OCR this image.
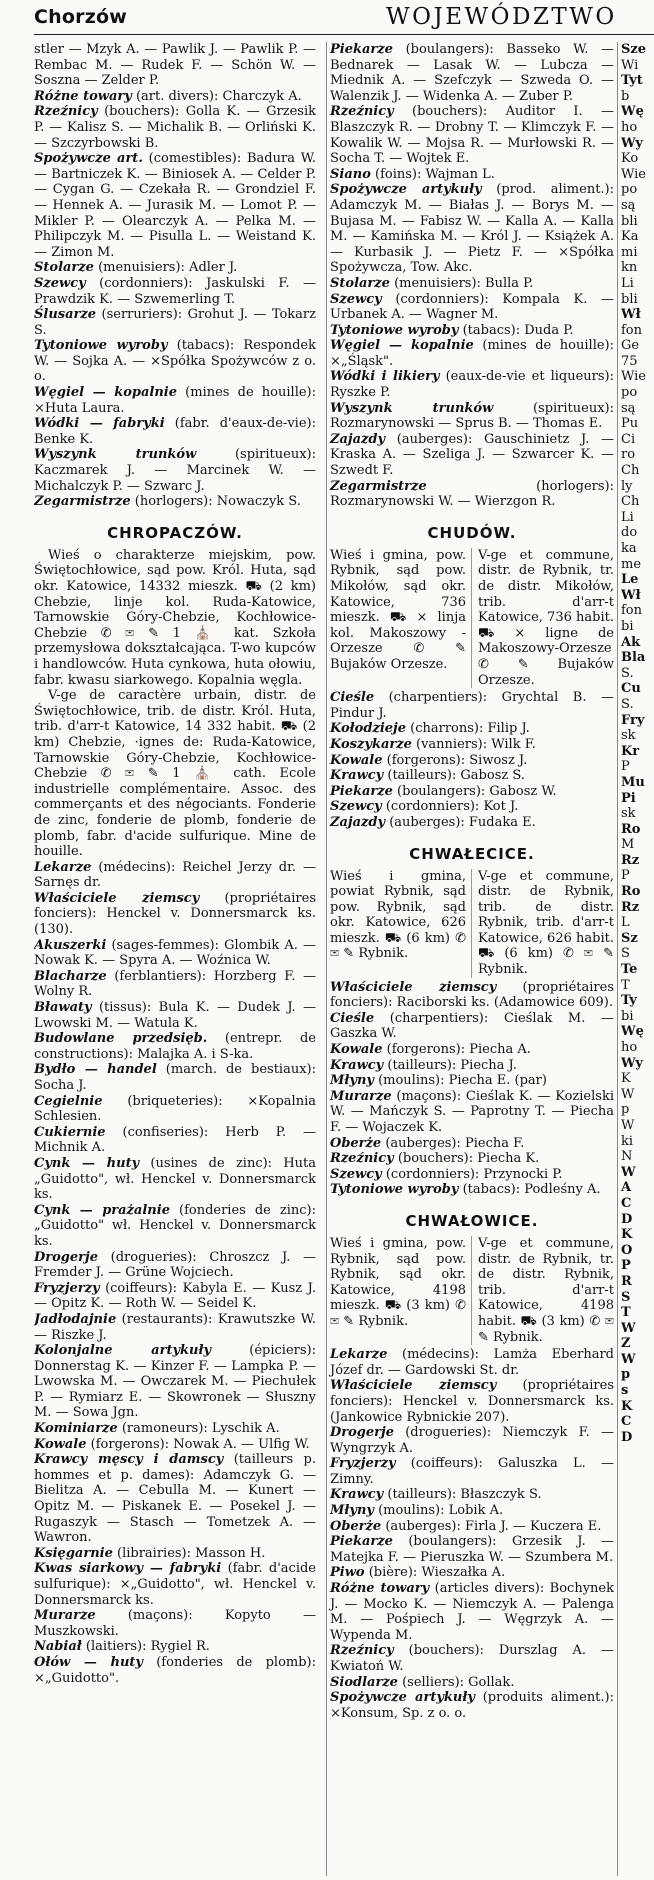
Chorzów	WOJEWÓDZTWO

stler — Mzyk A. — Pawlik J. — Pawlik P. — Rembac M. — Rudek F. — Schön W. — Soszna — Zelder P.

Różne towary (art. divers): Charczyk A.

Rzeźnicy (bouchers): Golla K. — Grzesik P. — Kalisz S. — Michalik B. — Orliński K. — Szczyrbowski B.

Spożywcze art. (comestibles): Badura W. — Bartniczek K. — Biniosek A. — Celder P. — Cygan G. — Czekała R. — Grondziel F. — Hennek A. — Jurasik M. — Lomot P. — Mikler P. — Olearczyk A. — Pelka M. — Philipczyk M. — Pisulla L. — Weistand K. — Zimon M.

Stolarze (menuisiers): Adler J.

Szewcy (cordonniers): Jaskulski F. — Prawdzik K. — Szwemerling T.

Ślusarze (serruriers): Grohut J. — Tokarz S.

Tytoniowe wyroby (tabacs): Respondek W. — Sojka A. — ×Spółka Spożywców z o. o.

Węgiel — kopalnie (mines de houille): ×Huta Laura.

Wódki — fabryki (fabr. d'eaux-de-vie): Benke K.

Wyszynk trunków (spiritueux): Kaczmarek J. — Marcinek W. — Michalczyk P. — Szwarc J.

Zegarmistrze (horlogers): Nowaczyk S.

CHROPACZÓW.

Wieś o charakterze miejskim, pow. Świętochłowice, sąd pow. Król. Huta, sąd okr. Katowice, 14332 mieszk. ⛟ (2 km) Chebzie, linje kol. Ruda-Katowice, Tarnowskie Góry-Chebzie, Kochłowice-Chebzie ✆ ✉ ✎ 1 ⛪ kat. Szkoła przemysłowa dokształcająca. T-wo kupców i handlowców. Huta cynkowa, huta ołowiu, fabr. kwasu siarkowego. Kopalnia węgla.

V-ge de caractère urbain, distr. de Świętochłowice, trib. de distr. Król. Huta, trib. d'arr-t Katowice, 14 332 habit. ⛟ (2 km) Chebzie, ·ignes de: Ruda-Katowice, Tarnowskie Góry-Chebzie, Kochłowice-Chebzie ✆ ✉ ✎ 1 ⛪ cath. Ecole industrielle complémentaire. Assoc. des commerçants et des négociants. Fonderie de zinc, fonderie de plomb, fonderie de plomb, fabr. d'acide sulfurique. Mine de houille.

Lekarze (médecins): Reichel Jerzy dr. — Sarnęs dr.

Właściciele ziemscy (propriétaires fonciers): Henckel v. Donnersmarck ks. (130).

Akuszerki (sages-femmes): Glombik A. — Nowak K. — Spyra A. — Woźnica W.

Blacharze (ferblantiers): Horzberg F. — Wolny R.

Bławaty (tissus): Bula K. — Dudek J. — Lwowski M. — Watula K.

Budowlane przedsięb. (entrepr. de constructions): Malajka A. i S-ka.

Bydło — handel (march. de bestiaux): Socha J.

Cegielnie (briqueteries): ×Kopalnia Schlesien.

Cukiernie (confiseries): Herb P. — Michnik A.

Cynk — huty (usines de zinc): Huta „Guidotto", wł. Henckel v. Donnersmarck ks.

Cynk — prażalnie (fonderies de zinc): „Guidotto" wł. Henckel v. Donnersmarck ks.

Drogerje (drogueries): Chroszcz J. — Fremder J. — Grüne Wojciech.

Fryzjerzy (coiffeurs): Kabyla E. — Kusz J. — Opitz K. — Roth W. — Seidel K.

Jadłodajnie (restaurants): Krawutszke W. — Riszke J.

Kolonjalne artykuły (épiciers): Donnerstag K. — Kinzer F. — Lampka P. — Lwowska M. — Owczarek M. — Piechułek P. — Rymiarz E. — Skowronek — Słuszny M. — Sowa Jgn.

Kominiarze (ramoneurs): Lyschik A.

Kowale (forgerons): Nowak A. — Ulfig W.

Krawcy męscy i damscy (tailleurs p. hommes et p. dames): Adamczyk G. — Bielitza A. — Cebulla M. — Kunert — Opitz M. — Piskanek E. — Posekel J. — Rugaszyk — Stasch — Tometzek A. — Wawron.

Księgarnie (librairies): Masson H.

Kwas siarkowy — fabryki (fabr. d'acide sulfurique): ×„Guidotto", wł. Henckel v. Donnersmarck ks.

Murarze (maçons): Kopyto — Muszkowski.

Nabiał (laitiers): Rygiel R.

Ołów — huty (fonderies de plomb): ×„Guidotto".

Piekarze (boulangers): Basseko W. — Bednarek — Lasak W. — Lubcza — Miednik A. — Szefczyk — Szweda O. — Walenzik J. — Widenka A. — Zuber P.

Rzeźnicy (bouchers): Auditor I. — Blaszczyk R. — Drobny T. — Klimczyk F. — Kowalik W. — Mojsa R. — Murłowski R. — Socha T. — Wojtek E.

Siano (foins): Wajman L.

Spożywcze artykuły (prod. aliment.): Adamczyk M. — Białas J. — Borys M. — Bujasa M. — Fabisz W. — Kalla A. — Kalla M. — Kamińska M. — Król J. — Książek A. — Kurbasik J. — Pietz F. — ×Spółka Spożywcza, Tow. Akc.

Stolarze (menuisiers): Bulla P.

Szewcy (cordonniers): Kompala K. — Urbanek A. — Wagner M.

Tytoniowe wyroby (tabacs): Duda P.

Węgiel — kopalnie (mines de houille): ×„Śląsk".

Wódki i likiery (eaux-de-vie et liqueurs): Ryszke P.

Wyszynk trunków (spiritueux): Rozmarynowski — Sprus B. — Thomas E.

Zajazdy (auberges): Gauschinietz J. — Kraska A. — Szeliga J. — Szwarcer K. — Szwedt F.

Zegarmistrze (horlogers): Rozmarynowski W. — Wierzgon R.

CHUDÓW.
Wieś i gmina, pow. Rybnik, sąd pow. Mikołów, sąd okr. Katowice, 736 mieszk. ⛟ × linja kol. Makoszowy - Orzesze ✆ ✎ Bujaków Orzesze.
V-ge et commune, distr. de Rybnik, tr. de distr. Mikołów, trib. d'arr-t Katowice, 736 habit. ⛟ × ligne de Makoszowy-Orzesze ✆ ✎ Bujaków Orzesze.

Cieśle (charpentiers): Grychtal B. — Pindur J.

Kołodzieje (charrons): Filip J.

Koszykarze (vanniers): Wilk F.

Kowale (forgerons): Siwosz J.

Krawcy (tailleurs): Gabosz S.

Piekarze (boulangers): Gabosz W.

Szewcy (cordonniers): Kot J.

Zajazdy (auberges): Fudaka E.

CHWAŁECICE.
Wieś i gmina, powiat Rybnik, sąd pow. Rybnik, sąd okr. Katowice, 626 mieszk. ⛟ (6 km) ✆ ✉ ✎ Rybnik.
V-ge et commune, distr. de Rybnik, trib. de distr. Rybnik, trib. d'arr-t Katowice, 626 habit. ⛟ (6 km) ✆ ✉ ✎ Rybnik.

Właściciele ziemscy (propriétaires fonciers): Raciborski ks. (Adamowice 609).

Cieśle (charpentiers): Cieślak M. — Gaszka W.

Kowale (forgerons): Piecha A.

Krawcy (tailleurs): Piecha J.

Młyny (moulins): Piecha E. (par)

Murarze (maçons): Cieślak K. — Kozielski W. — Mańczyk S. — Paprotny T. — Piecha F. — Wojaczek K.

Oberże (auberges): Piecha F.

Rzeźnicy (bouchers): Piecha K.

Szewcy (cordonniers): Przynocki P.

Tytoniowe wyroby (tabacs): Podleśny A.

CHWAŁOWICE.
Wieś i gmina, pow. Rybnik, sąd pow. Rybnik, sąd okr. Katowice, 4198 mieszk. ⛟ (3 km) ✆ ✉ ✎ Rybnik.
V-ge et commune, distr. de Rybnik, tr. de distr. Rybnik, trib. d'arr-t Katowice, 4198 habit. ⛟ (3 km) ✆ ✉ ✎ Rybnik.

Lekarze (médecins): Lamża Eberhard Józef dr. — Gardowski St. dr.

Właściciele ziemscy (propriétaires fonciers): Henckel v. Donnersmarck ks. (Jankowice Rybnickie 207).

Drogerje (drogueries): Niemczyk F. — Wyngrzyk A.

Fryzjerzy (coiffeurs): Galuszka L. — Zimny.

Krawcy (tailleurs): Błaszczyk S.

Młyny (moulins): Lobik A.

Oberże (auberges): Firla J. — Kuczera E.

Piekarze (boulangers): Grzesik J. — Matejka F. — Pieruszka W. — Szumbera M.

Piwo (bière): Wieszałka A.

Różne towary (articles divers): Bochynek J. — Mocko K. — Niemczyk A. — Palenga M. — Pośpiech J. — Węgrzyk A. — Wypenda M.

Rzeźnicy (bouchers): Durszlag A. — Kwiatoń W.

Siodlarze (selliers): Gollak.

Spożywcze artykuły (produits aliment.): ×Konsum, Sp. z o. o.

Sze
Wi
Tyt
b
Wę
ho
Wy
Ko
Wie
po
są
bli
Ka
mi
kn
Li
bli
Wł
fon
Ge
75
Wie
po
są
Pu
Ci
ro
Ch
ly
Ch
Li
do
ka
me
Le
Wł
fon
bi
Ak
Bla
S.
Cu
S.
Fry
sk
Kr
P
Mu
Pi
sk
Ro
M
Rz
P
Ro
Rz
L
Sz
S
Te
T
Ty
bi
Wę
ho
Wy
K
W
p
W
ki
N
W
A
C
D
K
O
P
R
S
T
W
Z
W
p
s
K
C
D
